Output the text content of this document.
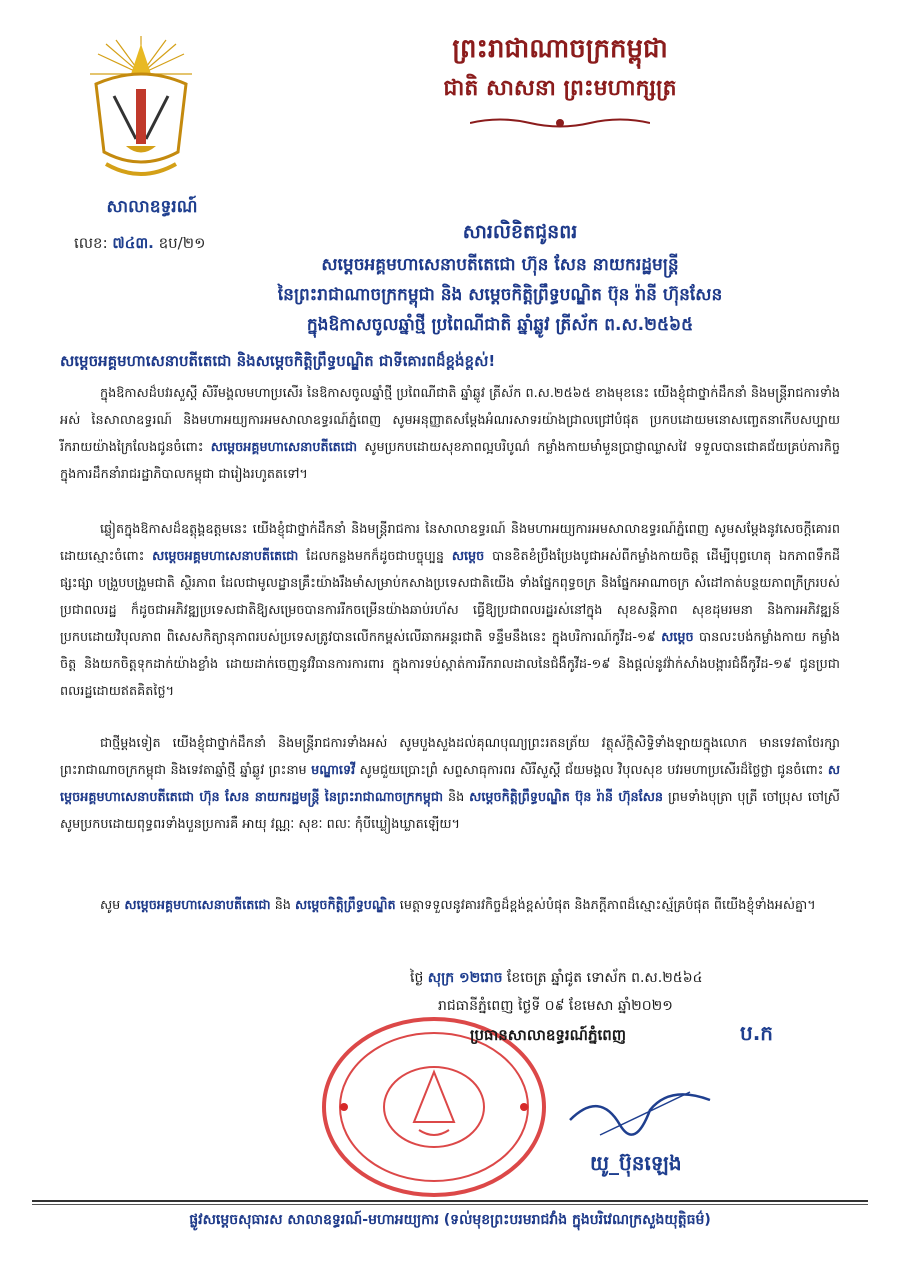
សាលាឧទ្ធរណ៍
ព្រះរាជាណាចក្រកម្ពុជា
ជាតិ សាសនា ព្រះមហាក្សត្រ
លេខ: ៧៤៣. ឧប/២១	សារលិខិតជូនពរ
សម្តេចអគ្គមហាសេនាបតីតេជោ ហ៊ុន សែន នាយករដ្ឋមន្ត្រី
នៃព្រះរាជាណាចក្រកម្ពុជា និង សម្តេចកិត្តិព្រឹទ្ធបណ្ឌិត ប៊ុន រ៉ានី ហ៊ុនសែន
ក្នុងឱកាសចូលឆ្នាំថ្មី ប្រពៃណីជាតិ ឆ្នាំឆ្លូវ ត្រីស័ក ព.ស.២៥៦៥
សម្តេចអគ្គមហាសេនាបតីតេជោ និងសម្តេចកិត្តិព្រឹទ្ធបណ្ឌិត ជាទីគោរពដ៏ខ្ពង់ខ្ពស់!
ក្នុងឱកាសដ៏បវរសួស្តី សិរីមង្គលមហាប្រសើរ នៃឱកាសចូលឆ្នាំថ្មី ប្រពៃណីជាតិ ឆ្នាំឆ្លូវ ត្រីស័ក ព.ស.២៥៦៥ ខាងមុខនេះ យើងខ្ញុំជាថ្នាក់ដឹកនាំ និងមន្ត្រីរាជការទាំងអស់ នៃសាលាឧទ្ធរណ៍ និងមហាអយ្យការអមសាលាឧទ្ធរណ៍ភ្នំពេញ សូមអនុញ្ញាតសម្តែងអំណរសាទរយ៉ាងជ្រាលជ្រៅបំផុត ប្រកបដោយមនោសញ្ចេតនាកើបសប្បាយរីករាយយ៉ាងក្រៃលែងជូនចំពោះ សម្តេចអគ្គមហាសេនាបតីតេជោ សូមប្រកបដោយសុខភាពល្អបរិបូណ៌ កម្លាំងកាយមាំមួនប្រាជ្ញាឈ្លាសវៃ ទទួលបានជោគជ័យគ្រប់ភារកិច្ច ក្នុងការដឹកនាំរាជរដ្ឋាភិបាលកម្ពុជា ជារៀងរហូតតទៅ។
ឆ្លៀតក្នុងឱកាសដ៏ឧត្តុង្គឧត្តមនេះ យើងខ្ញុំជាថ្នាក់ដឹកនាំ និងមន្ត្រីរាជការ នៃសាលាឧទ្ធរណ៍ និងមហាអយ្យការអមសាលាឧទ្ធរណ៍ភ្នំពេញ សូមសម្តែងនូវសេចក្តីគោរពដោយស្មោះចំពោះ សម្តេចអគ្គមហាសេនាបតីតេជោ ដែលកន្លងមកក៏ដូចជាបច្ចុប្បន្ន សម្តេច បានខិតខំប្រឹងប្រែងបូជាអស់ពីកម្លាំងកាយចិត្ត ដើម្បីបុព្វហេតុ ឯកភាពទឹកដី ផ្សះផ្សា បង្រួបបង្រួមជាតិ ស្ថិរភាព ដែលជាមូលដ្ឋានគ្រឹះយ៉ាងរឹងមាំសម្រាប់កសាងប្រទេសជាតិយើង ទាំងផ្នែកពុទ្ធចក្រ និងផ្នែកអាណាចក្រ សំដៅកាត់បន្ថយភាពក្រីក្ររបស់ប្រជាពលរដ្ឋ ក៏ដូចជាអភិវឌ្ឍប្រទេសជាតិឱ្យសម្រេចបានការរីកចម្រើនយ៉ាងឆាប់រហ័ស ធ្វើឱ្យប្រជាពលរដ្ឋរស់នៅក្នុង សុខសន្តិភាព សុខដុមរមនា និងការអភិវឌ្ឍន៍ ប្រកបដោយវិបុលភាព ពិសេសកិត្យានុភាពរបស់ប្រទេសត្រូវបានលើកកម្ពស់លើឆាកអន្តរជាតិ ទន្ទឹមនឹងនេះ ក្នុងបរិការណ៍កូវីដ-១៩ សម្តេច បានលះបង់កម្លាំងកាយ កម្លាំងចិត្ត និងយកចិត្តទុកដាក់យ៉ាងខ្លាំង ដោយដាក់ចេញនូវវិធានការការពារ ក្នុងការទប់ស្កាត់ការរីករាលដាលនៃជំងឺកូវីដ-១៩ និងផ្តល់នូវវ៉ាក់សាំងបង្ការជំងឺកូវីដ-១៩ ជូនប្រជាពលរដ្ឋដោយឥតគិតថ្លៃ។
ជាថ្មីម្តងទៀត យើងខ្ញុំជាថ្នាក់ដឹកនាំ និងមន្ត្រីរាជការទាំងអស់ សូមបួងសួងដល់គុណបុណ្យព្រះរតនត្រ័យ វត្ថុស័ក្តិសិទ្ធិទាំងឡាយក្នុងលោក មានទេវតាថែរក្សាព្រះរាជាណាចក្រកម្ពុជា និងទេវតាឆ្នាំថ្មី ឆ្នាំឆ្លូវ ព្រះនាម មណ្ឌាទេវី សូមជួយប្រោះព្រំ សព្ទសាធុការពរ សិរីសួស្តី ជ័យមង្គល វិបុលសុខ បវរមហាប្រសើរដ៏ថ្លៃថ្លា ជូនចំពោះ សម្តេចអគ្គមហាសេនាបតីតេជោ ហ៊ុន សែន នាយករដ្ឋមន្ត្រី នៃព្រះរាជាណាចក្រកម្ពុជា និង សម្តេចកិត្តិព្រឹទ្ធបណ្ឌិត ប៊ុន រ៉ានី ហ៊ុនសែន ព្រមទាំងបុត្រា បុត្រី ចៅប្រុស ចៅស្រី សូមប្រកបដោយពុទ្ធពរទាំងបួនប្រការគឺ អាយុ វណ្ណៈ សុខៈ ពលៈ កុំបីឃ្លៀងឃ្លាតឡើយ។
សូម សម្តេចអគ្គមហាសេនាបតីតេជោ និង សម្តេចកិត្តិព្រឹទ្ធបណ្ឌិត មេត្តាទទួលនូវគារវកិច្ចដ៏ខ្ពង់ខ្ពស់បំផុត និងភក្តីភាពដ៏ស្មោះស្ម័គ្រ​បំផុត ពីយើងខ្ញុំទាំងអស់គ្នា។
ថ្ងៃ សុក្រ ១២រោច ខែចេត្រ ឆ្នាំជូត ទោស័ក ព.ស.២៥៦៤
រាជធានីភ្នំពេញ ថ្ងៃទី ០៩ ខែមេសា ឆ្នាំ២០២១
ប្រធានសាលាឧទ្ធរណ៍ភ្នំពេញ	ប.ក
យូ_ប៊ុនឡេង
ផ្លូវសម្តេចសុធារស សាលាឧទ្ធរណ៍-មហាអយ្យការ (ទល់មុខព្រះបរមរាជវាំង ក្នុងបរិវេណក្រសួងយុត្តិធម៌)
